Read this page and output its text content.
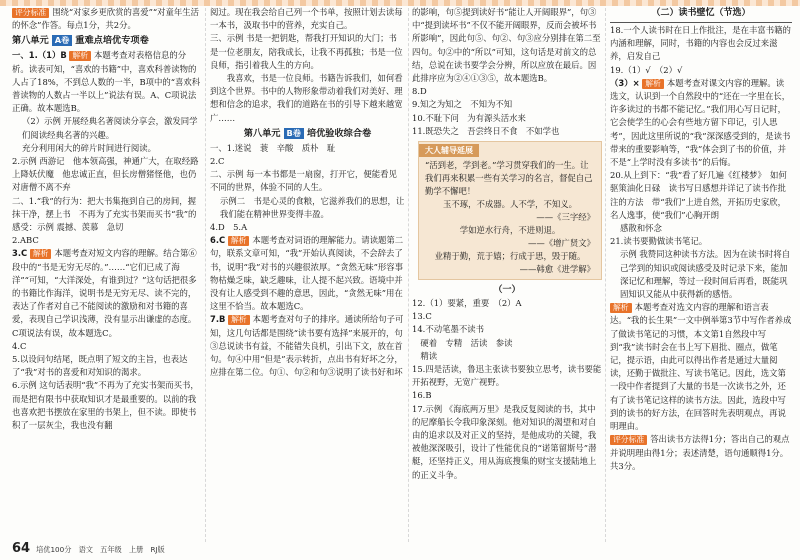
评分标准 围绕“对家乡更欣赏的喜爱”“对童年生活的怀念”作答。每点1分，共2分。

第八单元 A卷 重难点培优专项卷

一、1.（1）B 解析 本题考查对表格信息的分析。读表可知，“喜欢的书籍”中，喜欢科普读物的人占了18%，不到总人数的一半，B项中的“喜欢科普读物的人数占一半以上”说法有误。A、C项说法正确。故本题选B。

（2）示例 开展经典名著阅读分享会，激发同学们阅读经典名著的兴趣。

充分利用闲大的碎片时间进行阅读。

2.示例 西游记　他本领高强，神通广大，在取经路上降妖伏魔　他忠诚正直，但长房僧猪怪他，也仍对唐僧不离不弃

二、1.“我”的行为：把大书集拖到自己的房间，握抹干净，摆上书　不再为了充实书架而买书“我”的感受：示例 震撼、羡慕　急切

2.ABC

3.C 解析 本题考查对短文内容的理解。结合第⑥段中的“书是无穷无尽的。”……“它们已成了海洋”“可知，“大洋深处，有谁到过？”这句话把很多的书籍比作海洋，说明书是无穷无尽、读不完的，表达了作者对自己不能阅读的激励和对书籍的喜爱，表现自己学识浅薄，没有显示出谦虚的态度。C项说法有误，故本题选C。

4.C

5.以设问句结尾，既点明了短文的主旨，也表达了“我”对书的喜爱和对知识的渴求。

6.示例 这句话表明“我”不再为了充实书架而买书，而是把有限书中获取知识才是最重要的。以前的我也喜欢把书摆放在家里的书架上，但不读。即使书积了一层灰尘，我也没有翻

阅过。现在我会给自己列一个书单，按照计划去读每一本书，汲取书中的营养，充实自己。

三、示例 书是一把钥匙，帮我打开知识的大门；书是一位老朋友，陪我成长，让我不再孤独；书是一位良师，指引着我人生的方向。

　　我喜欢，书是一位良师。书籍告诉我们，如何看到这个世界。书中的人物形象带动着我们对美好、理想和信念的追求，我们的道路在书的引导下越来越宽广……

第八单元 B卷 培优验收综合卷

一、1.迷说　蓑　辛酸　质朴　耻

2.C

二、示例 每一本书都是一扇窗，打开它，便能看见不同的世界，体验不同的人生。

示例二　书是心灵的食粮，它滋养我们的思想，让我们能在精神世界变得丰盈。

4.D　5.A

6.C 解析 本题考查对词语的理解能力。请读题第二句，联系文章可知，“我”开始认真阅读，不会辞去了书，说明“我”对书的兴趣很浓厚。“贪然无味”形容事物枯燥乏味，缺乏趣味，让人提不起兴致。语境中并没有让人感受到不趣的意思，因此，“贪然无味”用在这里不恰当。故本题选C。

7.B 解析 本题考查对句子的排序。通读所给句子可知，这几句话都是围绕“读书要有选择”来展开的，句③总说读书有益，不能错失良机，引出下文，放在首句。句④中用“但是”表示转折，点出书有好坏之分，应排在第二位。句①、句②和句③说明了读书好和坏

的影响，句⑤提到读好书“能让人开阔眼界”，句③中“提到读坏书”不仅不能开阔眼界，反而会被坏书所影响”，因此句⑤、句②、句③应分别排在第二至四句。句②中的“所以”可知，这句话是对前文的总结，总说在读书要学会分辨，所以应放在最后。因此排序应为②④①③⑤，故本题选B。

8.D

9.知之为知之　不知为不知

10.不耻下问　为有源头活水来

11.既恐失之　吾尝终日不食　不如学也

大人辅导延展

“活到老，学到老。”学习贯穿我们的一生。让我们再来积累一些有关学习的名言，督促自己勤学不懈吧！

玉不琢，不成器。人不学，不知义。

——《三字经》

学如逆水行舟，不进则退。

——《增广贤文》

业精于勤，荒于嬉；行成于思，毁于随。

——韩愈《进学解》

（一）

12.（1）要紧，重要　（2）A

13.C

14.不动笔墨不读书

　硬着　专精　活读　参读

　精读

15.四是活读，鲁迅主张读书要独立思考，读书要能开拓视野，无宽广视野。

16.B

17.示例 《海底两万里》是我反复阅读的书，其中的尼摩船长令我印象深刻。他对知识的渴望和对自由的追求以及对正义的坚持，是他成功的关键，我被他深深吸引，设计了性能优良的“诺第留斯号”潜艇，还坚持正义，用从海底搜集的财宝支援陆地上的正义斗争。

（二）读书壁忆（节选）

18.一个人读书时在日上作批注，是在丰富书籍的内涵和理解，同时，书籍的内容也会反过来滋养，启发自己

19.（1）√　（2）√

（3）× 解析 本题考查对课文内容的理解。读选文，认识到一个自然段中的“还在一字里在长，许多读过的书都不能记忆。”我们用心写日记时，它会使学生的心会有些地方留下印记，引人思考”，因此这里所说的“我”深深感受到的，是读书带来的重要影响等，“我”体会到了书的价值，并不是“上学时没有多读书”的后悔。

20.从上到下：“我”看了好几遍《红楼梦》　如何驱策油化日碌　读书写日感想并详记了读书作批注的方法　带“我们”上进自然，开拓历史家欣，名人逸事，使“我们”心胸开朗

感散和怀念

21.读书要勤做读书笔记。

示例 我赞同这种读书方法。因为在读书时将自己学到的知识或阅读感受及时记录下来，能加深记忆和理解，等过一段时间后再看，既能巩固知识又能从中获得新的感悟。

解析 本题考查对选文内容的理解和语言表达。“我的长生果”一文中例举第3节中写作者养成了做读书笔记的习惯，本文第1自然段中写到“我”读书时会在书上写下眉批、圈点，做笔记，提示语，由此可以得出作者是通过大量阅读，还勤于做批注、写读书笔记。因此，选文第一段中作者提到了大量的书是一次读书之外，还有了读书笔记这样的读书方法。因此，选段中写到的读书的好方法，在回答时先表明观点，再说明理由。

评分标准 答出读书方法得1分；答出自己的观点并说明理由得1分；表述清楚，语句通顺得1分。共3分。

64 培优100分　语文　五年级　上册　RJ版
